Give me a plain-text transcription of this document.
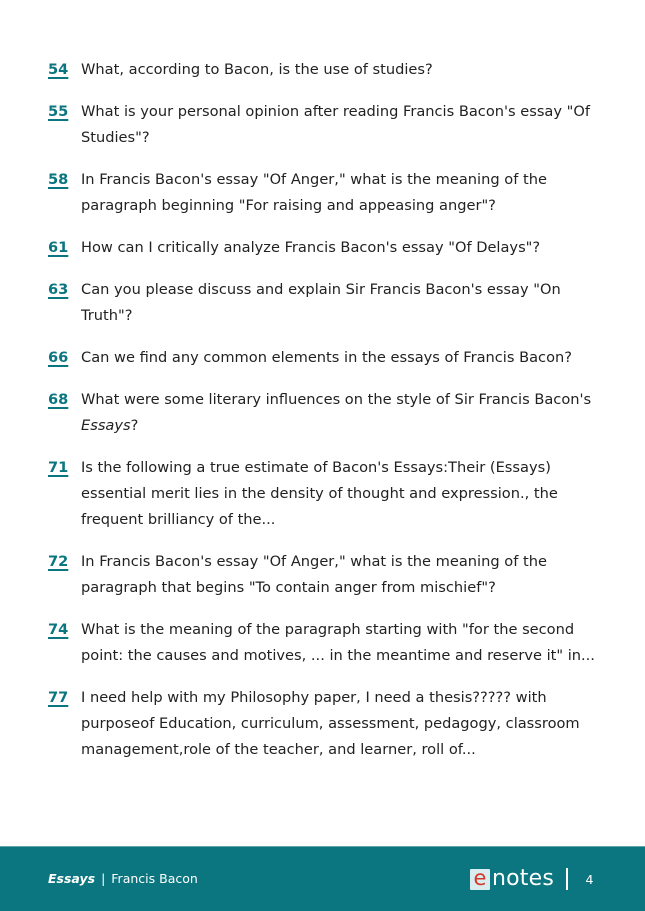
54 What, according to Bacon, is the use of studies?
55 What is your personal opinion after reading Francis Bacon's essay "Of Studies"?
58 In Francis Bacon's essay "Of Anger," what is the meaning of the paragraph beginning "For raising and appeasing anger"?
61 How can I critically analyze Francis Bacon's essay "Of Delays"?
63 Can you please discuss and explain Sir Francis Bacon's essay "On Truth"?
66 Can we find any common elements in the essays of Francis Bacon?
68 What were some literary influences on the style of Sir Francis Bacon's Essays?
71 Is the following a true estimate of Bacon's Essays:Their (Essays) essential merit lies in the density of thought and expression., the frequent brilliancy of the...
72 In Francis Bacon's essay "Of Anger," what is the meaning of the paragraph that begins "To contain anger from mischief"?
74 What is the meaning of the paragraph starting with "for the second point: the causes and motives, ... in the meantime and reserve it" in...
77 I need help with my Philosophy paper, I need a thesis????? with purposeof Education, curriculum, assessment, pedagogy, classroom management,role of the teacher, and learner, roll of...
Essays | Francis Bacon	e notes	4
